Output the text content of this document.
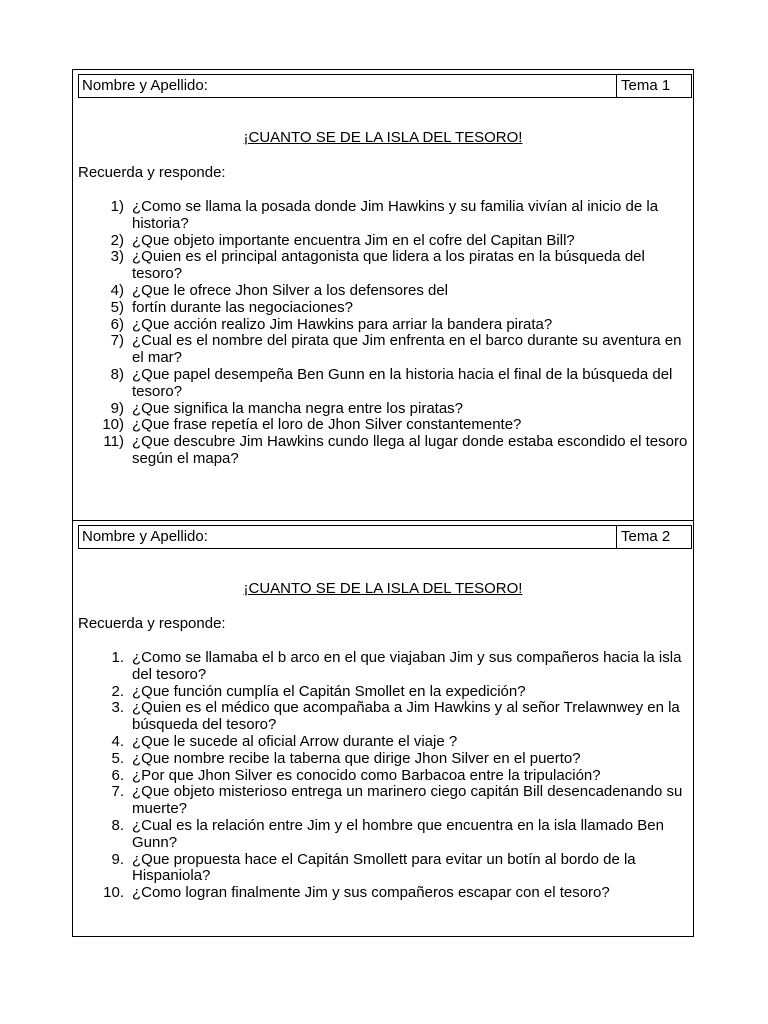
Nombre y Apellido:	Tema 1
¡CUANTO SE DE LA ISLA DEL TESORO!
Recuerda y responde:
1) ¿Como se llama la posada donde Jim Hawkins y su familia vivían al inicio de la historia?
2) ¿Que objeto importante encuentra Jim en el cofre del Capitan Bill?
3) ¿Quien es el principal antagonista que lidera a los piratas en la búsqueda del tesoro?
4) ¿Que le ofrece Jhon Silver a los defensores del
5) fortín durante las negociaciones?
6) ¿Que acción realizo Jim Hawkins para arriar la bandera pirata?
7) ¿Cual es el nombre del pirata que Jim enfrenta en el barco durante su aventura en el mar?
8) ¿Que papel desempeña Ben Gunn en la historia hacia el final de la búsqueda del tesoro?
9) ¿Que significa la mancha negra entre los piratas?
10) ¿Que frase repetía el loro de Jhon Silver constantemente?
11) ¿Que descubre Jim Hawkins cundo llega al lugar donde estaba escondido el tesoro según el mapa?
Nombre y Apellido:	Tema 2
¡CUANTO SE DE LA ISLA DEL TESORO!
Recuerda y responde:
1. ¿Como se llamaba el b arco en el que viajaban Jim y sus compañeros hacia la isla del tesoro?
2. ¿Que función cumplía el Capitán Smollet en la expedición?
3. ¿Quien es el médico que acompañaba a Jim Hawkins y al señor Trelawnwey en la búsqueda del tesoro?
4. ¿Que le sucede al oficial Arrow durante el viaje ?
5. ¿Que nombre recibe la taberna que dirige Jhon Silver en el puerto?
6. ¿Por que Jhon Silver es conocido como Barbacoa entre la tripulación?
7. ¿Que objeto misterioso entrega un marinero ciego capitán Bill desencadenando su muerte?
8. ¿Cual es la relación entre Jim y el hombre que encuentra en la isla llamado Ben Gunn?
9. ¿Que propuesta hace el Capitán Smollett para evitar un botín al bordo de la Hispaniola?
10. ¿Como logran finalmente Jim y sus compañeros escapar con el tesoro?
